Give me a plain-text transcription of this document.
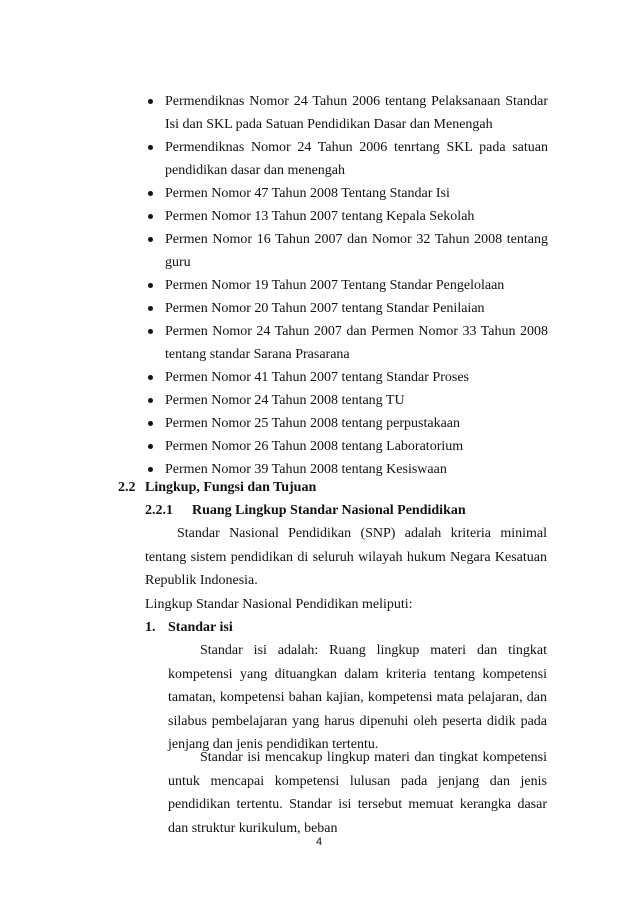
Permendiknas Nomor 24 Tahun 2006 tentang Pelaksanaan Standar Isi dan SKL pada Satuan Pendidikan Dasar dan Menengah
Permendiknas Nomor 24 Tahun 2006 tenrtang SKL pada satuan pendidikan dasar dan menengah
Permen Nomor 47 Tahun 2008 Tentang Standar Isi
Permen Nomor 13 Tahun 2007 tentang Kepala Sekolah
Permen Nomor 16 Tahun 2007 dan Nomor 32 Tahun 2008 tentang guru
Permen Nomor 19 Tahun 2007 Tentang Standar Pengelolaan
Permen Nomor 20 Tahun 2007 tentang Standar Penilaian
Permen Nomor 24 Tahun 2007 dan Permen Nomor 33 Tahun 2008 tentang standar Sarana Prasarana
Permen Nomor 41 Tahun 2007 tentang Standar Proses
Permen Nomor 24 Tahun 2008 tentang TU
Permen Nomor 25 Tahun 2008 tentang perpustakaan
Permen Nomor 26 Tahun 2008 tentang Laboratorium
Permen Nomor 39 Tahun 2008 tentang Kesiswaan
2.2 Lingkup, Fungsi dan Tujuan
2.2.1 Ruang Lingkup Standar Nasional Pendidikan

Standar Nasional Pendidikan (SNP) adalah kriteria minimal tentang sistem pendidikan di seluruh wilayah hukum Negara Kesatuan Republik Indonesia.

Lingkup Standar Nasional Pendidikan meliputi:
1. Standar isi

Standar isi adalah: Ruang lingkup materi dan tingkat kompetensi yang dituangkan dalam kriteria tentang kompetensi tamatan, kompetensi bahan kajian, kompetensi mata pelajaran, dan silabus pembelajaran yang harus dipenuhi oleh peserta didik pada jenjang dan jenis pendidikan tertentu.

Standar isi mencakup lingkup materi dan tingkat kompetensi untuk mencapai kompetensi lulusan pada jenjang dan jenis pendidikan tertentu. Standar isi tersebut memuat kerangka dasar dan struktur kurikulum, beban

4
